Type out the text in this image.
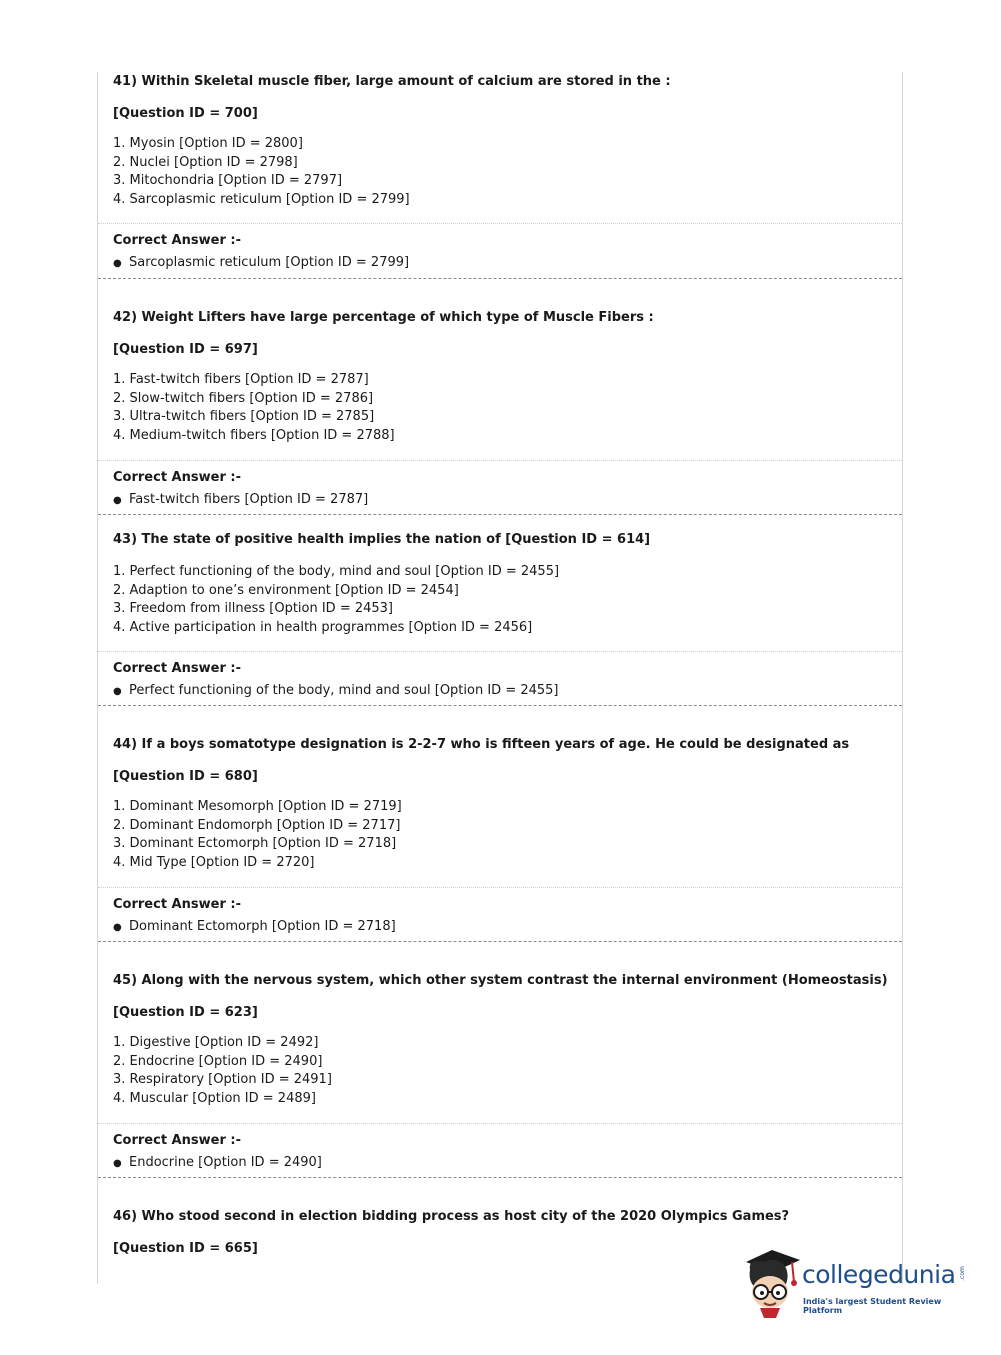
41) Within Skeletal muscle fiber, large amount of calcium are stored in the :
[Question ID = 700]
1. Myosin [Option ID = 2800]
2. Nuclei [Option ID = 2798]
3. Mitochondria [Option ID = 2797]
4. Sarcoplasmic reticulum [Option ID = 2799]
Correct Answer :-
● Sarcoplasmic reticulum [Option ID = 2799]
42) Weight Lifters have large percentage of which type of Muscle Fibers :
[Question ID = 697]
1. Fast-twitch fibers [Option ID = 2787]
2. Slow-twitch fibers [Option ID = 2786]
3. Ultra-twitch fibers [Option ID = 2785]
4. Medium-twitch fibers [Option ID = 2788]
Correct Answer :-
● Fast-twitch fibers [Option ID = 2787]
43) The state of positive health implies the nation of [Question ID = 614]
1. Perfect functioning of the body, mind and soul [Option ID = 2455]
2. Adaption to one’s environment [Option ID = 2454]
3. Freedom from illness [Option ID = 2453]
4. Active participation in health programmes [Option ID = 2456]
Correct Answer :-
● Perfect functioning of the body, mind and soul [Option ID = 2455]
44) If a boys somatotype designation is 2-2-7 who is fifteen years of age. He could be designated as
[Question ID = 680]
1. Dominant Mesomorph [Option ID = 2719]
2. Dominant Endomorph [Option ID = 2717]
3. Dominant Ectomorph [Option ID = 2718]
4. Mid Type [Option ID = 2720]
Correct Answer :-
● Dominant Ectomorph [Option ID = 2718]
45) Along with the nervous system, which other system contrast the internal environment (Homeostasis)
[Question ID = 623]
1. Digestive [Option ID = 2492]
2. Endocrine [Option ID = 2490]
3. Respiratory [Option ID = 2491]
4. Muscular [Option ID = 2489]
Correct Answer :-
● Endocrine [Option ID = 2490]
46) Who stood second in election bidding process as host city of the 2020 Olympics Games?
[Question ID = 665]
collegedunia .com
India's largest Student Review Platform
